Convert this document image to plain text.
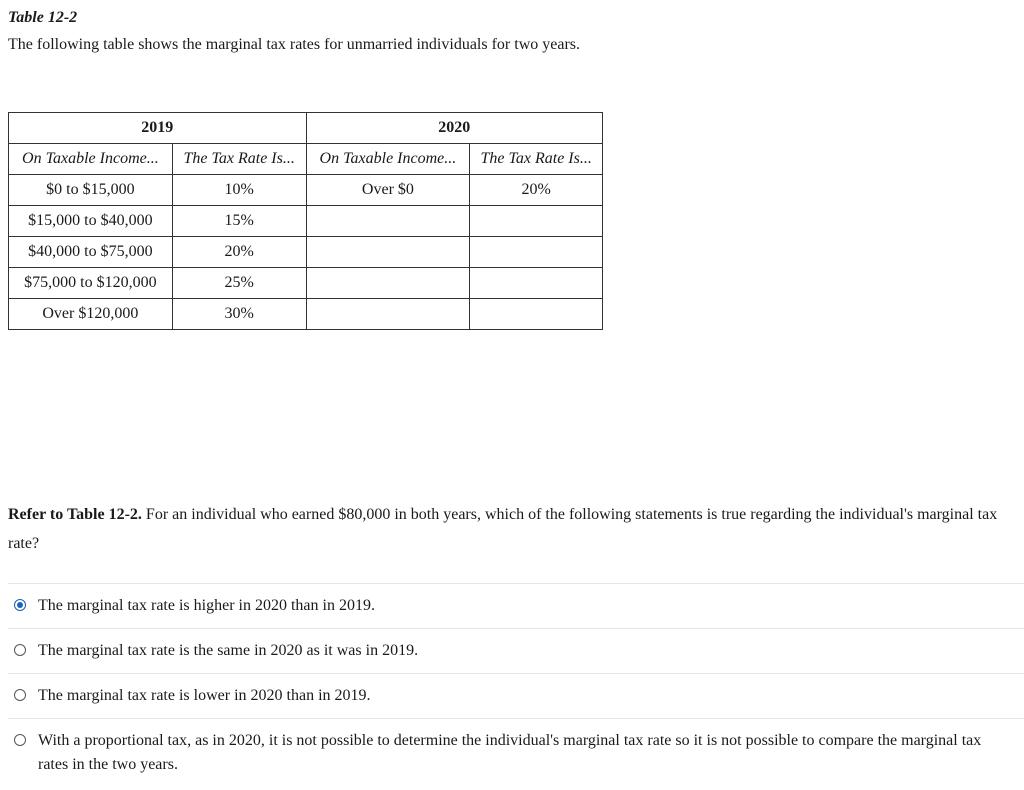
Table 12-2
The following table shows the marginal tax rates for unmarried individuals for two years.
2019		2020	
On Taxable Income...	The Tax Rate Is...	On Taxable Income...	The Tax Rate Is...
$0 to $15,000	10%	Over $0	20%
$15,000 to $40,000	15%		
$40,000 to $75,000	20%		
$75,000 to $120,000	25%		
Over $120,000	30%		
Refer to Table 12-2. For an individual who earned $80,000 in both years, which of the following statements is true regarding the individual's marginal tax rate?
The marginal tax rate is higher in 2020 than in 2019.
The marginal tax rate is the same in 2020 as it was in 2019.
The marginal tax rate is lower in 2020 than in 2019.
With a proportional tax, as in 2020, it is not possible to determine the individual's marginal tax rate so it is not possible to compare the marginal tax rates in the two years.
